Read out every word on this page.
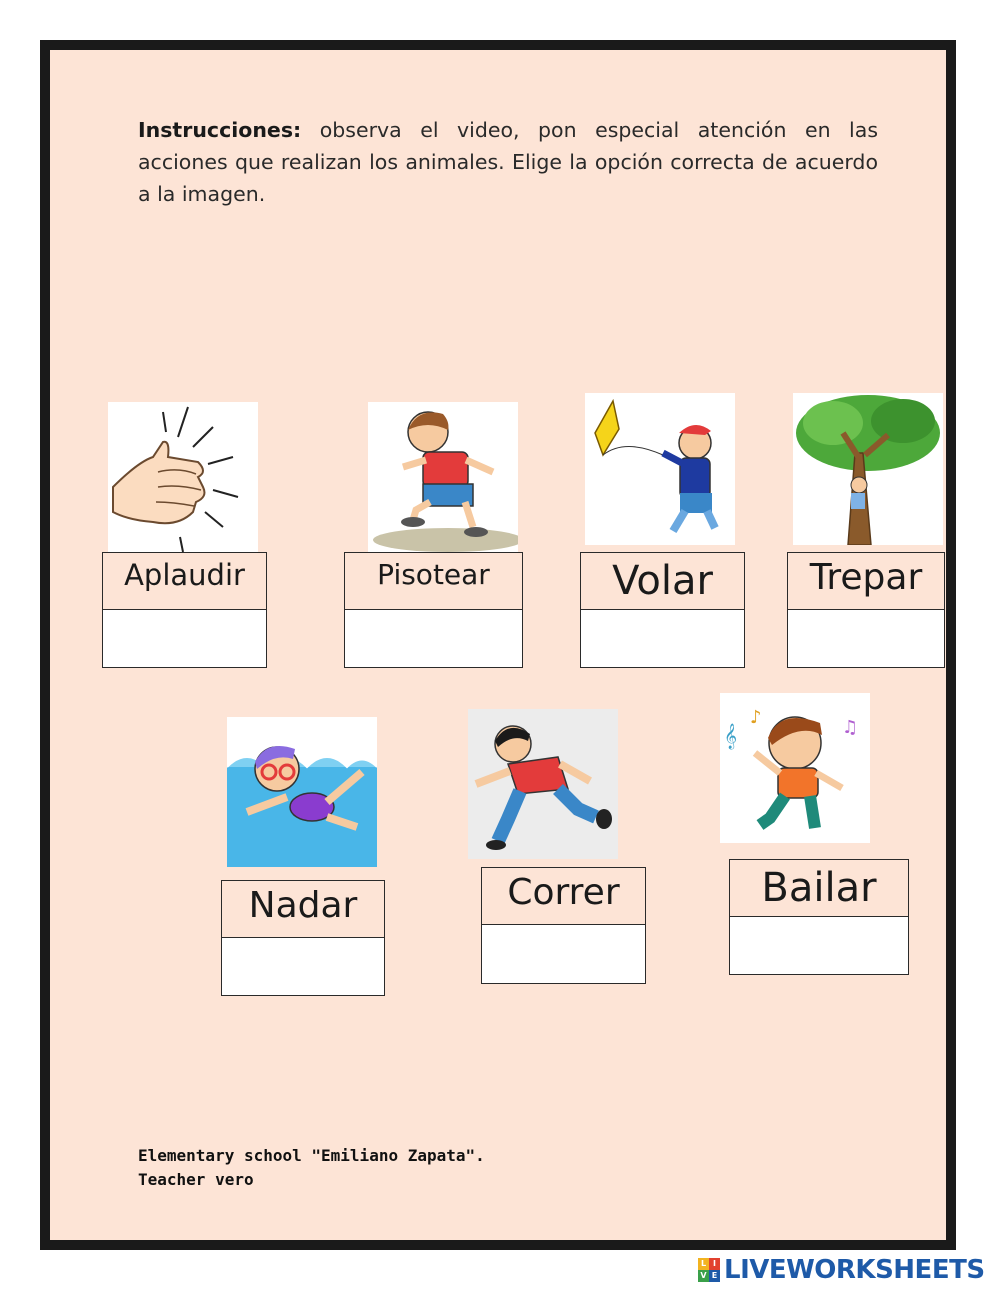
Instrucciones: observa el video, pon especial atención en las acciones que realizan los animales. Elige la opción correcta de acuerdo a la imagen.
Aplaudir	Pisotear	Volar	Trepar
𝄞
♪	♫
Nadar	Correr	Bailar
Elementary school "Emiliano Zapata".
Teacher vero
L I
V E LIVEWORKSHEETS
